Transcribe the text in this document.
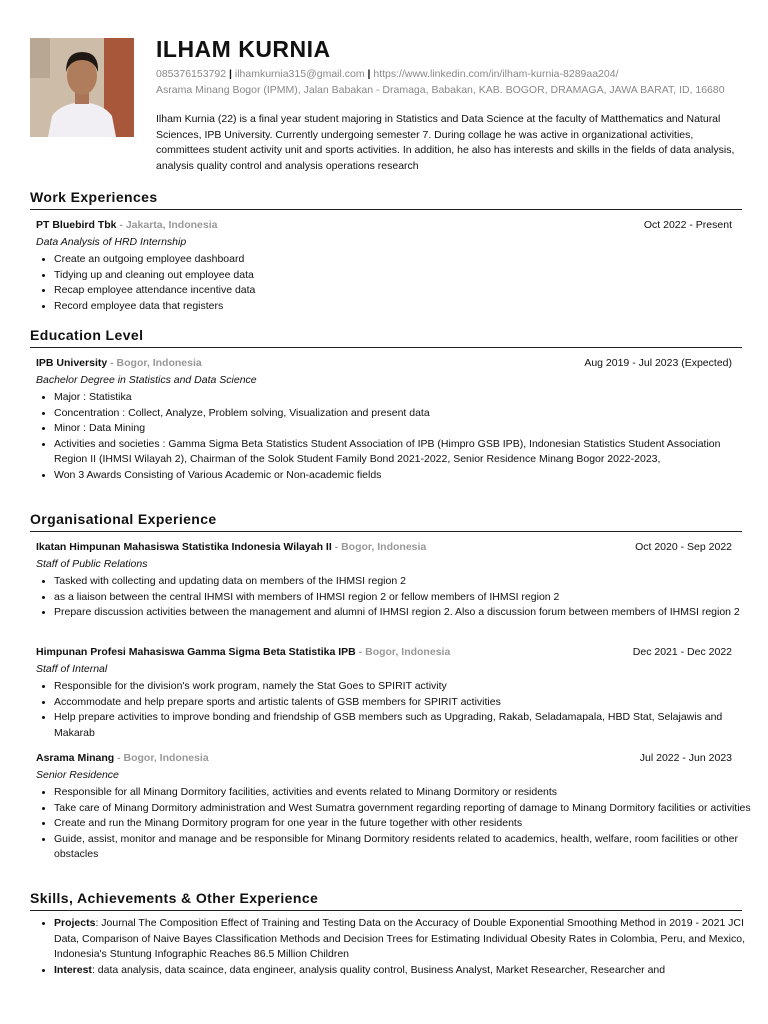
ILHAM KURNIA
085376153792 | ilhamkurnia315@gmail.com | https://www.linkedin.com/in/ilham-kurnia-8289aa204/
Asrama Minang Bogor (IPMM), Jalan Babakan - Dramaga, Babakan, KAB. BOGOR, DRAMAGA, JAWA BARAT, ID, 16680
Ilham Kurnia (22) is a final year student majoring in Statistics and Data Science at the faculty of Matthematics and Natural Sciences, IPB University. Currently undergoing semester 7. During collage he was active in organizational activities, committees student activity unit and sports activities. In addition, he also has interests and skills in the fields of data analysis, analysis quality control and analysis operations research
Work Experiences
PT Bluebird Tbk - Jakarta, Indonesia	Oct 2022 - Present
Data Analysis of HRD Internship
• Create an outgoing employee dashboard
• Tidying up and cleaning out employee data
• Recap employee attendance incentive data
• Record employee data that registers
Education Level
IPB University - Bogor, Indonesia	Aug 2019 - Jul 2023 (Expected)
Bachelor Degree in Statistics and Data Science
• Major : Statistika
• Concentration : Collect, Analyze, Problem solving, Visualization and present data
• Minor : Data Mining
• Activities and societies : Gamma Sigma Beta Statistics Student Association of IPB (Himpro GSB IPB), Indonesian Statistics Student Association Region II (IHMSI Wilayah 2), Chairman of the Solok Student Family Bond 2021-2022, Senior Residence Minang Bogor 2022-2023,
• Won 3 Awards Consisting of Various Academic or Non-academic fields
Organisational Experience
Ikatan Himpunan Mahasiswa Statistika Indonesia Wilayah II - Bogor, Indonesia	Oct 2020 - Sep 2022
Staff of Public Relations
• Tasked with collecting and updating data on members of the IHMSI region 2
• as a liaison between the central IHMSI with members of IHMSI region 2 or fellow members of IHMSI region 2
• Prepare discussion activities between the management and alumni of IHMSI region 2. Also a discussion forum between members of IHMSI region 2
Himpunan Profesi Mahasiswa Gamma Sigma Beta Statistika IPB - Bogor, Indonesia	Dec 2021 - Dec 2022
Staff of Internal
• Responsible for the division's work program, namely the Stat Goes to SPIRIT activity
• Accommodate and help prepare sports and artistic talents of GSB members for SPIRIT activities
• Help prepare activities to improve bonding and friendship of GSB members such as Upgrading, Rakab, Seladamapala, HBD Stat, Selajawis and Makarab
Asrama Minang - Bogor, Indonesia	Jul 2022 - Jun 2023
Senior Residence
• Responsible for all Minang Dormitory facilities, activities and events related to Minang Dormitory or residents
• Take care of Minang Dormitory administration and West Sumatra government regarding reporting of damage to Minang Dormitory facilities or activities
• Create and run the Minang Dormitory program for one year in the future together with other residents
• Guide, assist, monitor and manage and be responsible for Minang Dormitory residents related to academics, health, welfare, room facilities or other obstacles
Skills, Achievements & Other Experience
• Projects: Journal The Composition Effect of Training and Testing Data on the Accuracy of Double Exponential Smoothing Method in 2019 - 2021 JCI Data, Comparison of Naive Bayes Classification Methods and Decision Trees for Estimating Individual Obesity Rates in Colombia, Peru, and Mexico, Indonesia's Stuntung Infographic Reaches 86.5 Million Children
• Interest: data analysis, data scaince, data engineer, analysis quality control, Business Analyst, Market Researcher, Researcher and
